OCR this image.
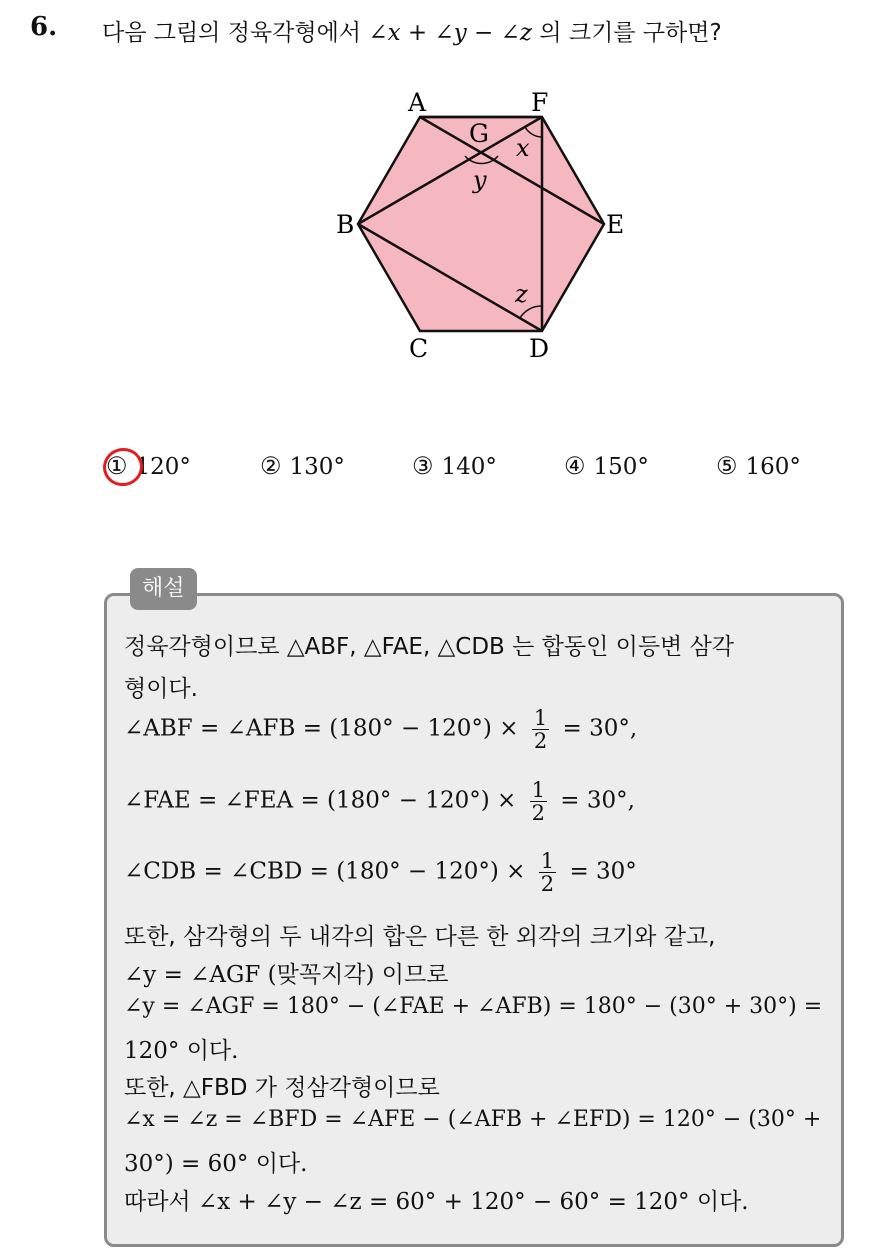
6. 다음 그림의 정육각형에서 ∠x + ∠y − ∠z 의 크기를 구하면?
A	F
G
B	E
C	D
x
y
z
① 120°	② 130°	③ 140°	④ 150°	⑤ 160°
해설
정육각형이므로 △ABF, △FAE, △CDB 는 합동인 이등변 삼각
형이다.
∠ABF = ∠AFB = $(180^\circ - 120^\circ) \times \frac{1}{2} = 30^\circ$,
∠FAE = ∠FEA = $(180^\circ - 120^\circ) \times \frac{1}{2} = 30^\circ$,
∠CDB = ∠CBD = $(180^\circ - 120^\circ) \times \frac{1}{2} = 30^\circ$
또한, 삼각형의 두 내각의 합은 다른 한 외각의 크기와 같고,
∠y = ∠AGF (맞꼭지각) 이므로
∠y = ∠AGF = 180° − (∠FAE + ∠AFB) = 180° − (30° + 30°) =
120° 이다.
또한, △FBD 가 정삼각형이므로
∠x = ∠z = ∠BFD = ∠AFE − (∠AFB + ∠EFD) = 120° − (30° +
30°) = 60° 이다.
따라서 ∠x + ∠y − ∠z = 60° + 120° − 60° = 120° 이다.
